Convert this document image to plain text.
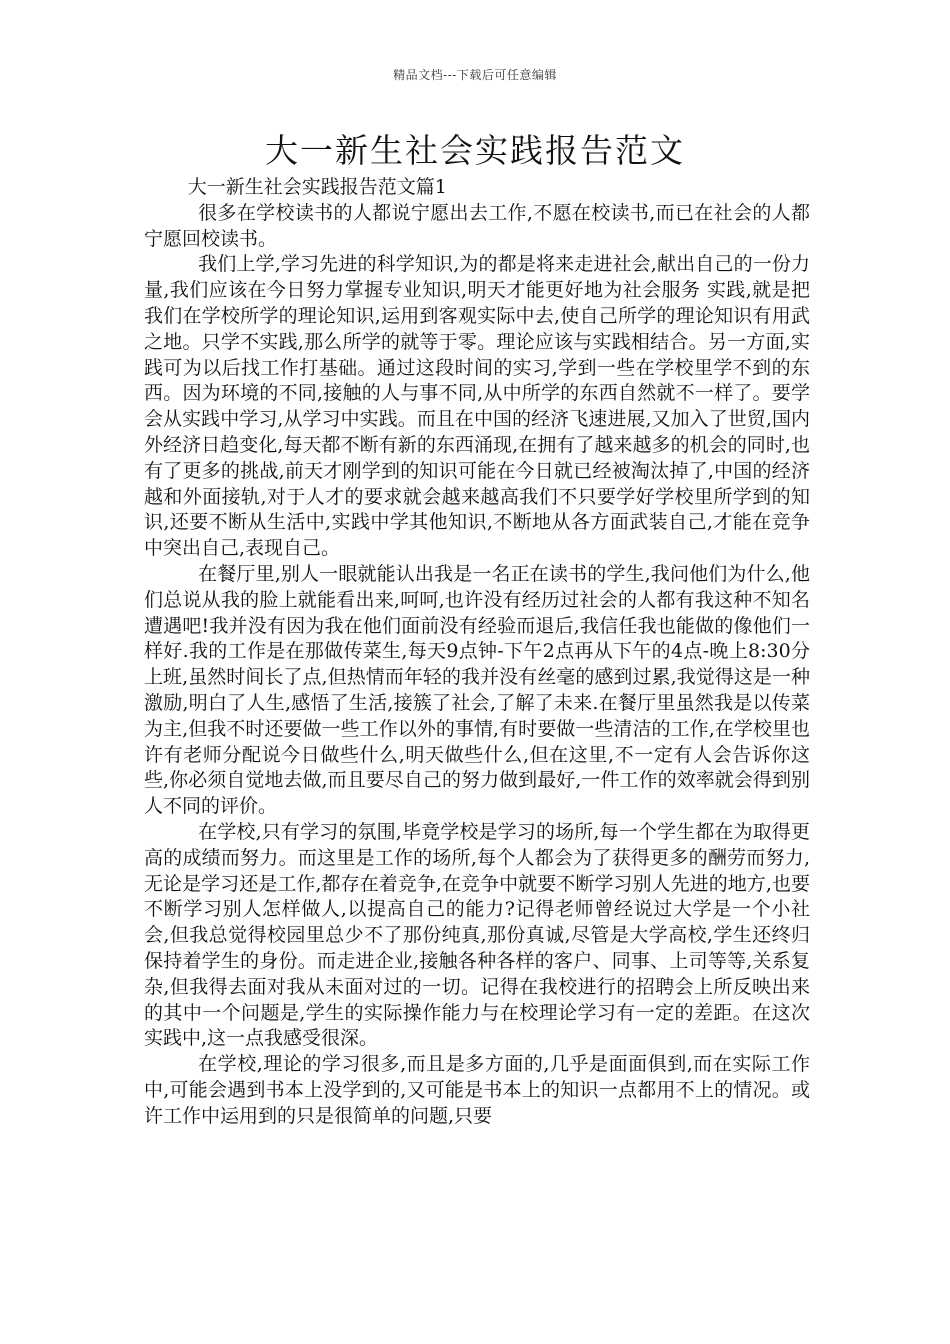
精品文档---下载后可任意编辑
大一新生社会实践报告范文

大一新生社会实践报告范文篇1

很多在学校读书的人都说宁愿出去工作,不愿在校读书,而已在社会的人都宁愿回校读书。

我们上学,学习先进的科学知识,为的都是将来走进社会,献出自己的一份力量,我们应该在今日努力掌握专业知识,明天才能更好地为社会服务 实践,就是把我们在学校所学的理论知识,运用到客观实际中去,使自己所学的理论知识有用武之地。只学不实践,那么所学的就等于零。理论应该与实践相结合。另一方面,实践可为以后找工作打基础。通过这段时间的实习,学到一些在学校里学不到的东西。因为环境的不同,接触的人与事不同,从中所学的东西自然就不一样了。要学会从实践中学习,从学习中实践。而且在中国的经济飞速进展,又加入了世贸,国内外经济日趋变化,每天都不断有新的东西涌现,在拥有了越来越多的机会的同时,也有了更多的挑战,前天才刚学到的知识可能在今日就已经被淘汰掉了,中国的经济越和外面接轨,对于人才的要求就会越来越高我们不只要学好学校里所学到的知识,还要不断从生活中,实践中学其他知识,不断地从各方面武装自己,才能在竞争中突出自己,表现自己。

在餐厅里,别人一眼就能认出我是一名正在读书的学生,我问他们为什么,他们总说从我的脸上就能看出来,呵呵,也许没有经历过社会的人都有我这种不知名遭遇吧!我并没有因为我在他们面前没有经验而退后,我信任我也能做的像他们一样好.我的工作是在那做传菜生,每天9点钟-下午2点再从下午的4点-晚上8:30分上班,虽然时间长了点,但热情而年轻的我并没有丝毫的感到过累,我觉得这是一种激励,明白了人生,感悟了生活,接簇了社会,了解了未来.在餐厅里虽然我是以传菜为主,但我不时还要做一些工作以外的事情,有时要做一些清洁的工作,在学校里也许有老师分配说今日做些什么,明天做些什么,但在这里,不一定有人会告诉你这些,你必须自觉地去做,而且要尽自己的努力做到最好,一件工作的效率就会得到别人不同的评价。

在学校,只有学习的氛围,毕竟学校是学习的场所,每一个学生都在为取得更高的成绩而努力。而这里是工作的场所,每个人都会为了获得更多的酬劳而努力,无论是学习还是工作,都存在着竞争,在竞争中就要不断学习别人先进的地方,也要不断学习别人怎样做人,以提高自己的能力?记得老师曾经说过大学是一个小社会,但我总觉得校园里总少不了那份纯真,那份真诚,尽管是大学高校,学生还终归保持着学生的身份。而走进企业,接触各种各样的客户、同事、上司等等,关系复杂,但我得去面对我从未面对过的一切。记得在我校进行的招聘会上所反映出来的其中一个问题是,学生的实际操作能力与在校理论学习有一定的差距。在这次实践中,这一点我感受很深。

在学校,理论的学习很多,而且是多方面的,几乎是面面俱到,而在实际工作中,可能会遇到书本上没学到的,又可能是书本上的知识一点都用不上的情况。或许工作中运用到的只是很简单的问题,只要
